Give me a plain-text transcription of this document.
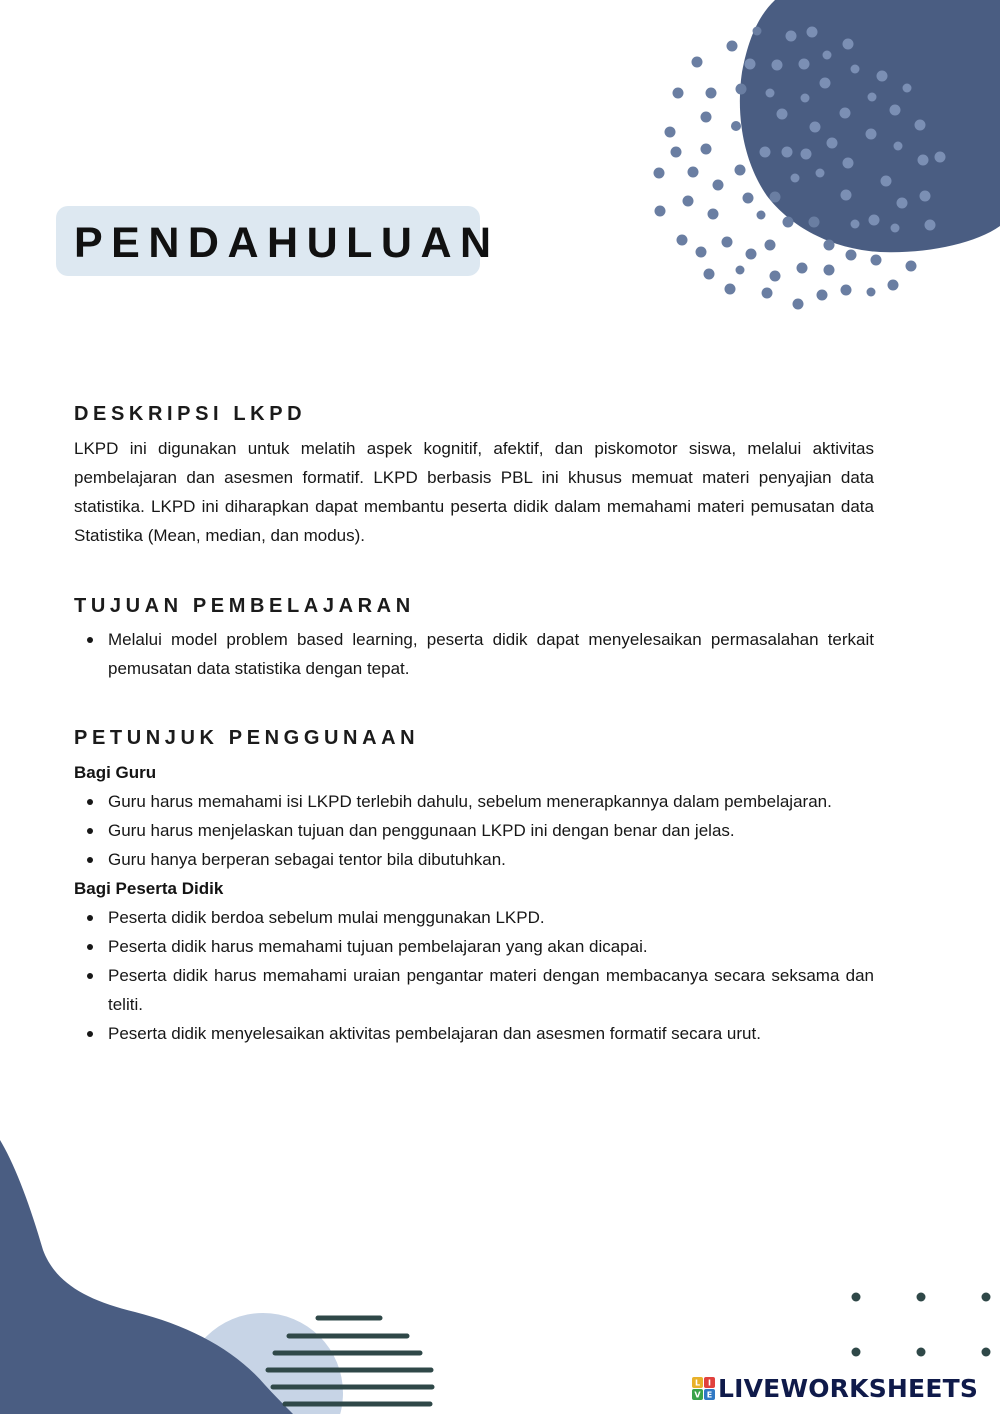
PENDAHULUAN
DESKRIPSI LKPD

LKPD ini digunakan untuk melatih aspek kognitif, afektif, dan piskomotor siswa, melalui aktivitas pembelajaran dan asesmen formatif. LKPD berbasis PBL ini khusus memuat materi penyajian data statistika. LKPD ini diharapkan dapat membantu peserta didik dalam memahami materi pemusatan data Statistika (Mean, median, dan modus).

TUJUAN PEMBELAJARAN
Melalui model problem based learning, peserta didik dapat menyelesaikan permasalahan terkait pemusatan data statistika dengan tepat.
PETUNJUK PENGGUNAAN
Bagi Guru
Guru harus memahami isi LKPD terlebih dahulu, sebelum menerapkannya dalam pembelajaran.
Guru harus menjelaskan tujuan dan penggunaan LKPD ini dengan benar dan jelas.
Guru hanya berperan sebagai tentor bila dibutuhkan.
Bagi Peserta Didik
Peserta didik berdoa sebelum mulai menggunakan LKPD.
Peserta didik harus memahami tujuan pembelajaran yang akan dicapai.
Peserta didik harus memahami uraian pengantar materi dengan membacanya secara seksama dan teliti.
Peserta didik menyelesaikan aktivitas pembelajaran dan asesmen formatif secara urut.
L I
V E LIVEWORKSHEETS
